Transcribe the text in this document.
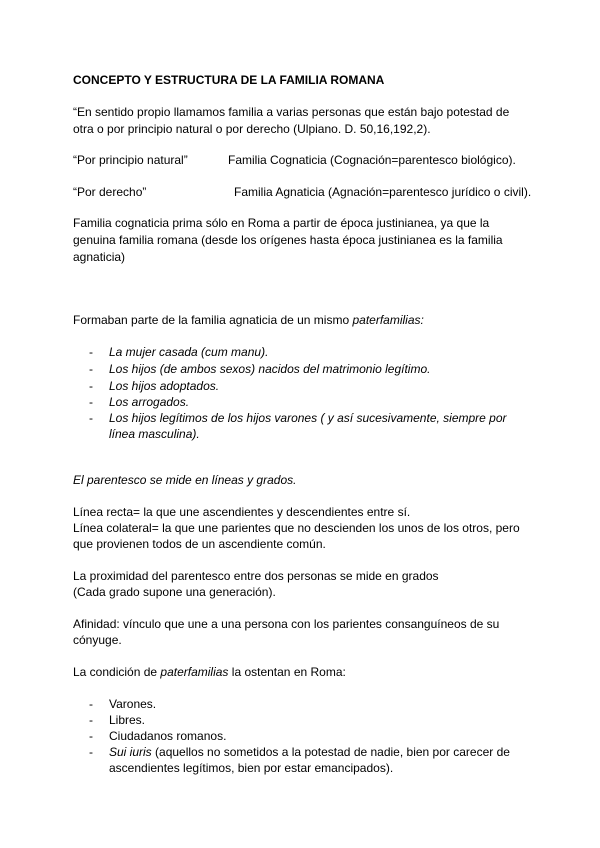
CONCEPTO Y ESTRUCTURA DE LA FAMILIA ROMANA
“En sentido propio llamamos familia a varias personas que están bajo potestad de
otra o por principio natural o por derecho (Ulpiano. D. 50,16,192,2).
“Por principio natural”	Familia Cognaticia (Cognación=parentesco biológico).
“Por derecho”	Familia Agnaticia (Agnación=parentesco jurídico o civil).
Familia cognaticia prima sólo en Roma a partir de época justinianea, ya que la
genuina familia romana (desde los orígenes hasta época justinianea es la familia
agnaticia)
Formaban parte de la familia agnaticia de un mismo paterfamilias:
- La mujer casada (cum manu).
- Los hijos (de ambos sexos) nacidos del matrimonio legítimo.
- Los hijos adoptados.
- Los arrogados.
- Los hijos legítimos de los hijos varones ( y así sucesivamente, siempre por
línea masculina).
El parentesco se mide en líneas y grados.
Línea recta= la que une ascendientes y descendientes entre sí.
Línea colateral= la que une parientes que no descienden los unos de los otros, pero
que provienen todos de un ascendiente común.
La proximidad del parentesco entre dos personas se mide en grados
(Cada grado supone una generación).
Afinidad: vínculo que une a una persona con los parientes consanguíneos de su
cónyuge.
La condición de paterfamilias la ostentan en Roma:
- Varones.
- Libres.
- Ciudadanos romanos.
- Sui iuris (aquellos no sometidos a la potestad de nadie, bien por carecer de
ascendientes legítimos, bien por estar emancipados).
